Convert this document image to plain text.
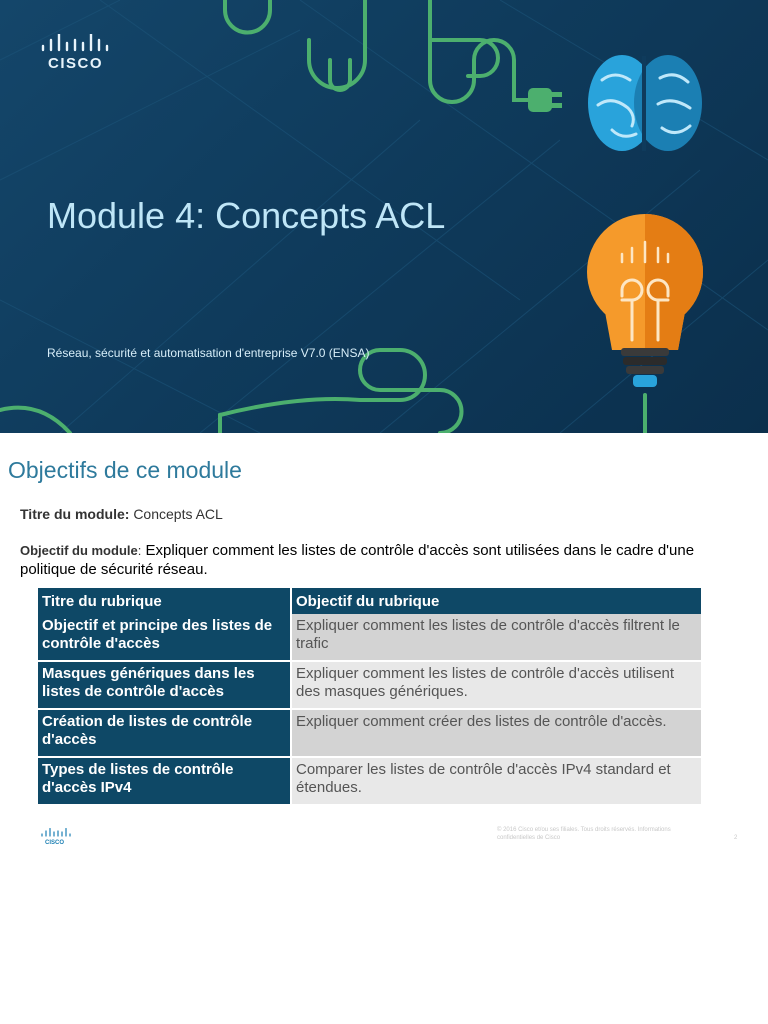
CISCO
Module 4: Concepts ACL
Réseau, sécurité et automatisation d'entreprise V7.0 (ENSA)
Objectifs de ce module
Titre du module: Concepts ACL
Objectif du module: Expliquer comment les listes de contrôle d'accès sont utilisées dans le cadre d'une politique de sécurité réseau.
Titre du rubrique	Objectif du rubrique
Objectif et principe des listes de contrôle d'accès	Expliquer comment les listes de contrôle d'accès filtrent le trafic
Masques génériques dans les listes de contrôle d'accès	Expliquer comment les listes de contrôle d'accès utilisent des masques génériques.
Création de listes de contrôle d'accès	Expliquer comment créer des listes de contrôle d'accès.
Types de listes de contrôle d'accès IPv4	Comparer les listes de contrôle d'accès IPv4 standard et étendues.
CISCO
© 2016 Cisco et/ou ses filiales. Tous droits réservés. Informations confidentielles de Cisco	2
